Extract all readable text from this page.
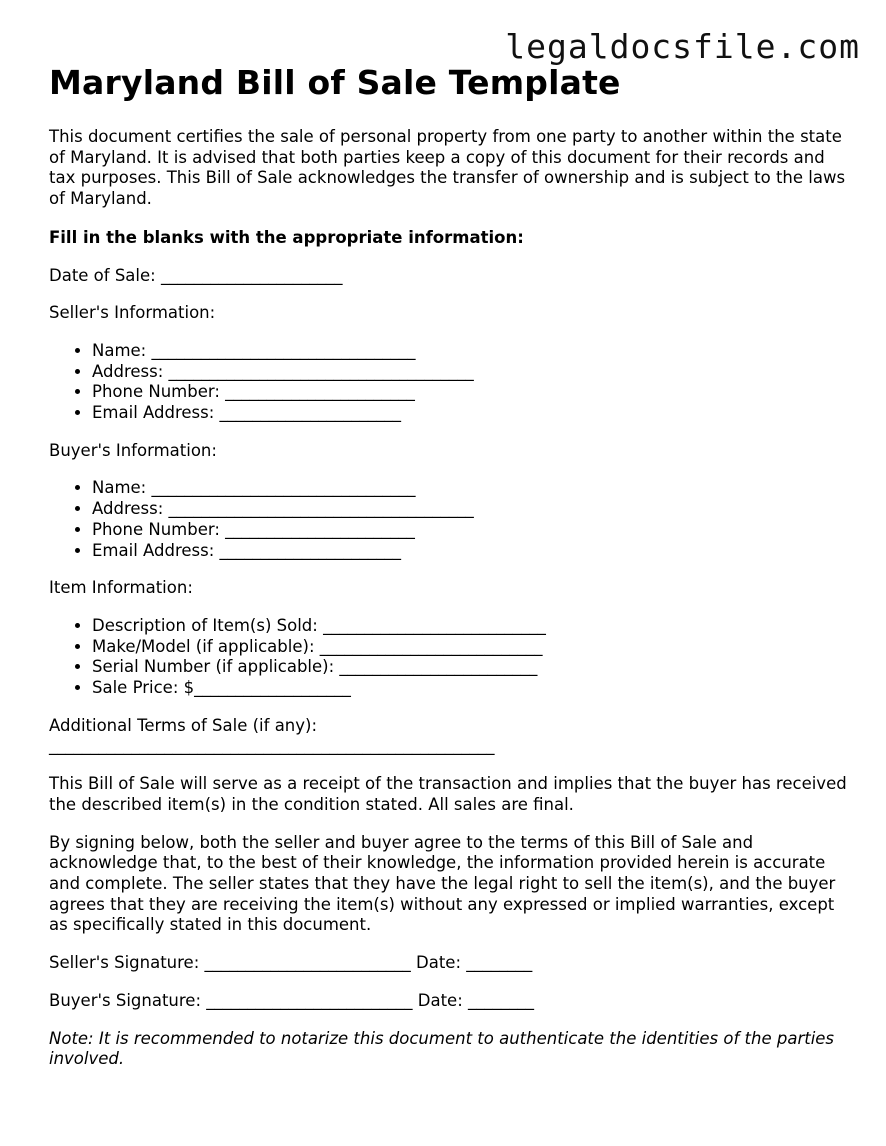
legaldocsfile.com
Maryland Bill of Sale Template

This document certifies the sale of personal property from one party to another within the state of Maryland. It is advised that both parties keep a copy of this document for their records and tax purposes. This Bill of Sale acknowledges the transfer of ownership and is subject to the laws of Maryland.

Fill in the blanks with the appropriate information:

Date of Sale: ______________________

Seller's Information:

• Name: ________________________________
• Address: _____________________________________
• Phone Number: _______________________
• Email Address: ______________________

Buyer's Information:

• Name: ________________________________
• Address: _____________________________________
• Phone Number: _______________________
• Email Address: ______________________

Item Information:

• Description of Item(s) Sold: ___________________________
• Make/Model (if applicable): ___________________________
• Serial Number (if applicable): ________________________
• Sale Price: $___________________

Additional Terms of Sale (if any):

______________________________________________________

This Bill of Sale will serve as a receipt of the transaction and implies that the buyer has received the described item(s) in the condition stated. All sales are final.

By signing below, both the seller and buyer agree to the terms of this Bill of Sale and acknowledge that, to the best of their knowledge, the information provided herein is accurate and complete. The seller states that they have the legal right to sell the item(s), and the buyer agrees that they are receiving the item(s) without any expressed or implied warranties, except as specifically stated in this document.

Seller's Signature: _________________________ Date: ________

Buyer's Signature: _________________________ Date: ________

Note: It is recommended to notarize this document to authenticate the identities of the parties involved.
